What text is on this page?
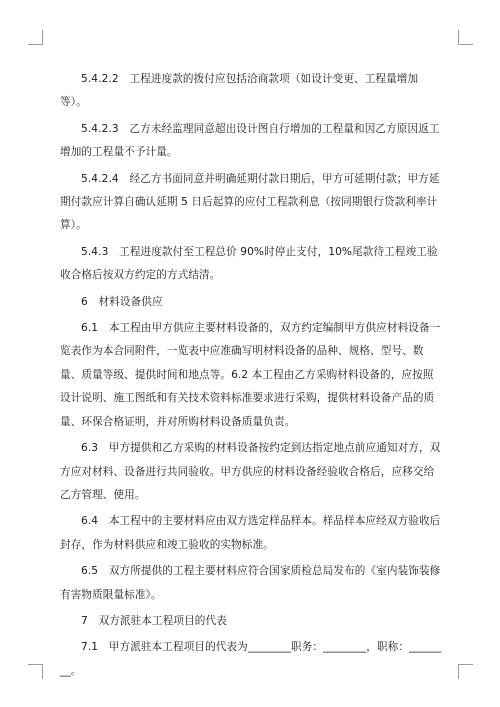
5.4.2.2　工程进度款的拨付应包括洽商款项（如设计变更、工程量增加等）。

5.4.2.3　乙方未经监理同意超出设计图自行增加的工程量和因乙方原因返工增加的工程量不予计量。

5.4.2.4　经乙方书面同意并明确延期付款日期后，甲方可延期付款；甲方延期付款应计算自确认延期 5 日后起算的应付工程款利息（按同期银行贷款利率计算）。

5.4.3　工程进度款付至工程总价 90%时停止支付，10%尾款待工程竣工验收合格后按双方约定的方式结清。

6　材料设备供应

6.1　本工程由甲方供应主要材料设备的，双方约定编制甲方供应材料设备一览表作为本合同附件，一览表中应准确写明材料设备的品种、规格、型号、数量、质量等级、提供时间和地点等。6.2 本工程由乙方采购材料设备的，应按照设计说明、施工图纸和有关技术资料标准要求进行采购，提供材料设备产品的质量、环保合格证明，并对所购材料设备质量负责。

6.3　甲方提供和乙方采购的材料设备按约定到达指定地点前应通知对方，双方应对材料、设备进行共同验收。甲方供应的材料设备经验收合格后，应移交给乙方管理、使用。

6.4　本工程中的主要材料应由双方选定样品样本。样品样本应经双方验收后封存，作为材料供应和竣工验收的实物标准。

6.5　双方所提供的工程主要材料应符合国家质检总局发布的《室内装饰装修有害物质限量标准》。

7　双方派驻本工程项目的代表

7.1　甲方派驻本工程项目的代表为________职务：________，职称：________。
